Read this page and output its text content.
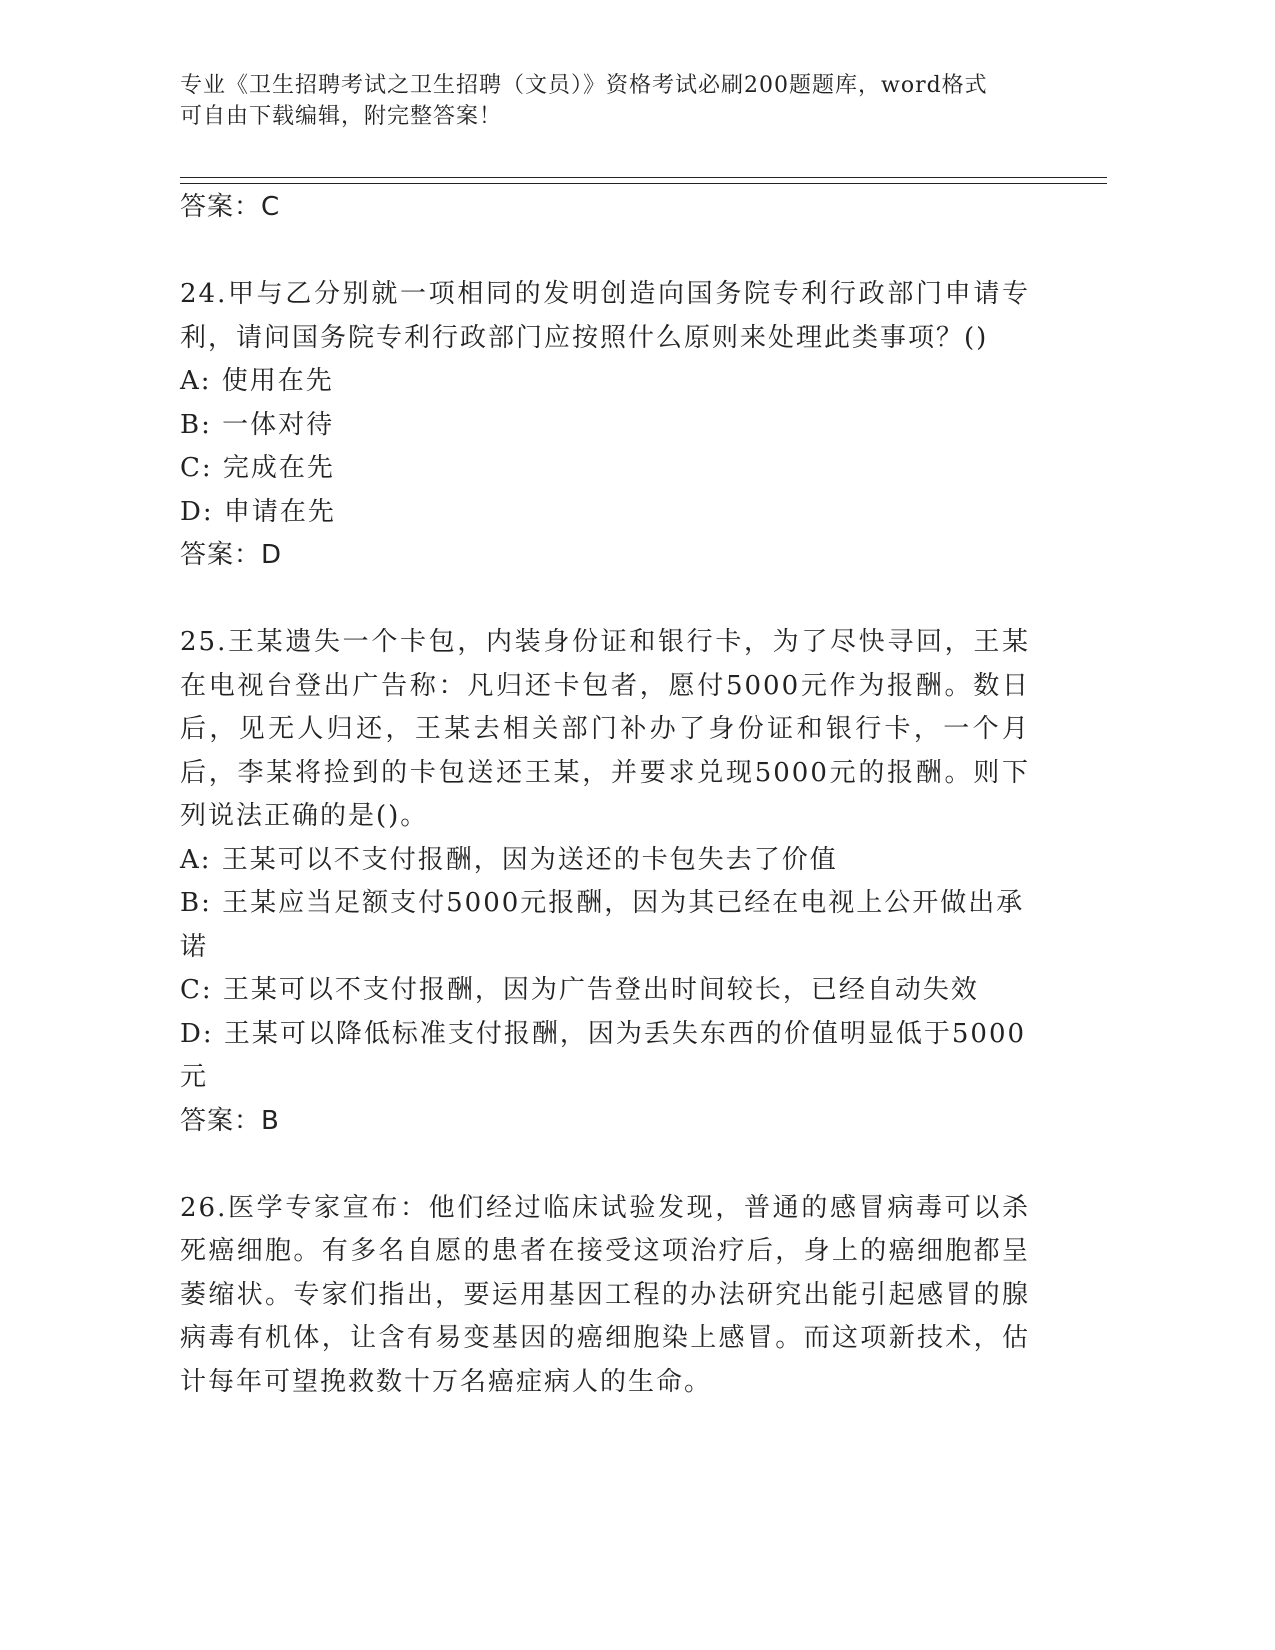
专业《卫生招聘考试之卫生招聘（文员）》资格考试必刷200题题库，word格式
可自由下载编辑，附完整答案！

答案：C

24.甲与乙分别就一项相同的发明创造向国务院专利行政部门申请专利，请问国务院专利行政部门应按照什么原则来处理此类事项？()

A: 使用在先

B: 一体对待

C: 完成在先

D: 申请在先

答案：D

25.王某遗失一个卡包，内装身份证和银行卡，为了尽快寻回，王某在电视台登出广告称：凡归还卡包者，愿付5000元作为报酬。数日后，见无人归还，王某去相关部门补办了身份证和银行卡，一个月后，李某将捡到的卡包送还王某，并要求兑现5000元的报酬。则下列说法正确的是()。

A: 王某可以不支付报酬，因为送还的卡包失去了价值

B: 王某应当足额支付5000元报酬，因为其已经在电视上公开做出承诺

C: 王某可以不支付报酬，因为广告登出时间较长，已经自动失效

D: 王某可以降低标准支付报酬，因为丢失东西的价值明显低于5000元

答案：B

26.医学专家宣布：他们经过临床试验发现，普通的感冒病毒可以杀死癌细胞。有多名自愿的患者在接受这项治疗后，身上的癌细胞都呈萎缩状。专家们指出，要运用基因工程的办法研究出能引起感冒的腺病毒有机体，让含有易变基因的癌细胞染上感冒。而这项新技术，估计每年可望挽救数十万名癌症病人的生命。
